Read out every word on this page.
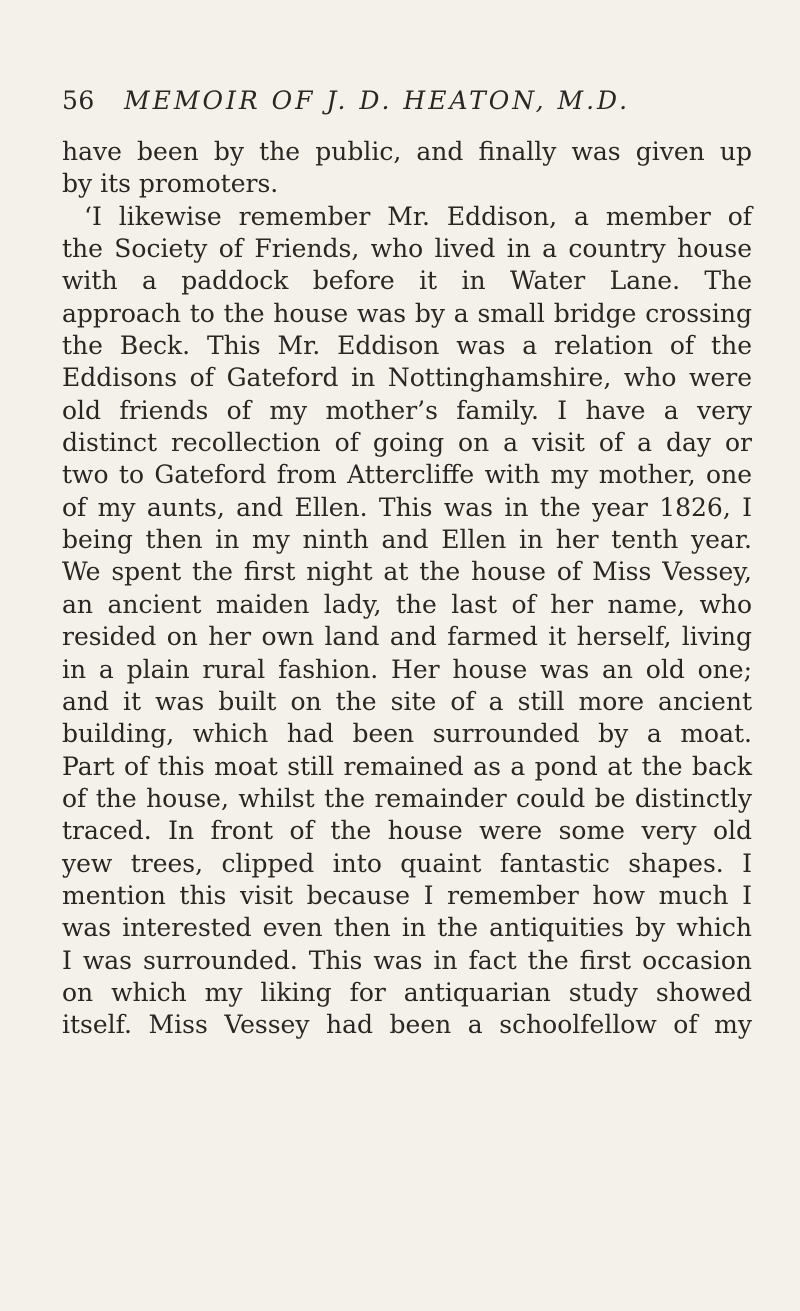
56 MEMOIR OF J. D. HEATON, M.D.
have been by the public, and finally was given up
by its promoters.
‘I likewise remember Mr. Eddison, a member of
the Society of Friends, who lived in a country house
with a paddock before it in Water Lane. The
approach to the house was by a small bridge crossing
the Beck. This Mr. Eddison was a relation of the
Eddisons of Gateford in Nottinghamshire, who were
old friends of my mother’s family. I have a very
distinct recollection of going on a visit of a day or
two to Gateford from Attercliffe with my mother, one
of my aunts, and Ellen. This was in the year 1826, I
being then in my ninth and Ellen in her tenth year.
We spent the first night at the house of Miss Vessey,
an ancient maiden lady, the last of her name, who
resided on her own land and farmed it herself, living
in a plain rural fashion. Her house was an old one;
and it was built on the site of a still more ancient
building, which had been surrounded by a moat.
Part of this moat still remained as a pond at the back
of the house, whilst the remainder could be distinctly
traced. In front of the house were some very old
yew trees, clipped into quaint fantastic shapes. I
mention this visit because I remember how much I
was interested even then in the antiquities by which
I was surrounded. This was in fact the first occasion
on which my liking for antiquarian study showed
itself. Miss Vessey had been a schoolfellow of my
